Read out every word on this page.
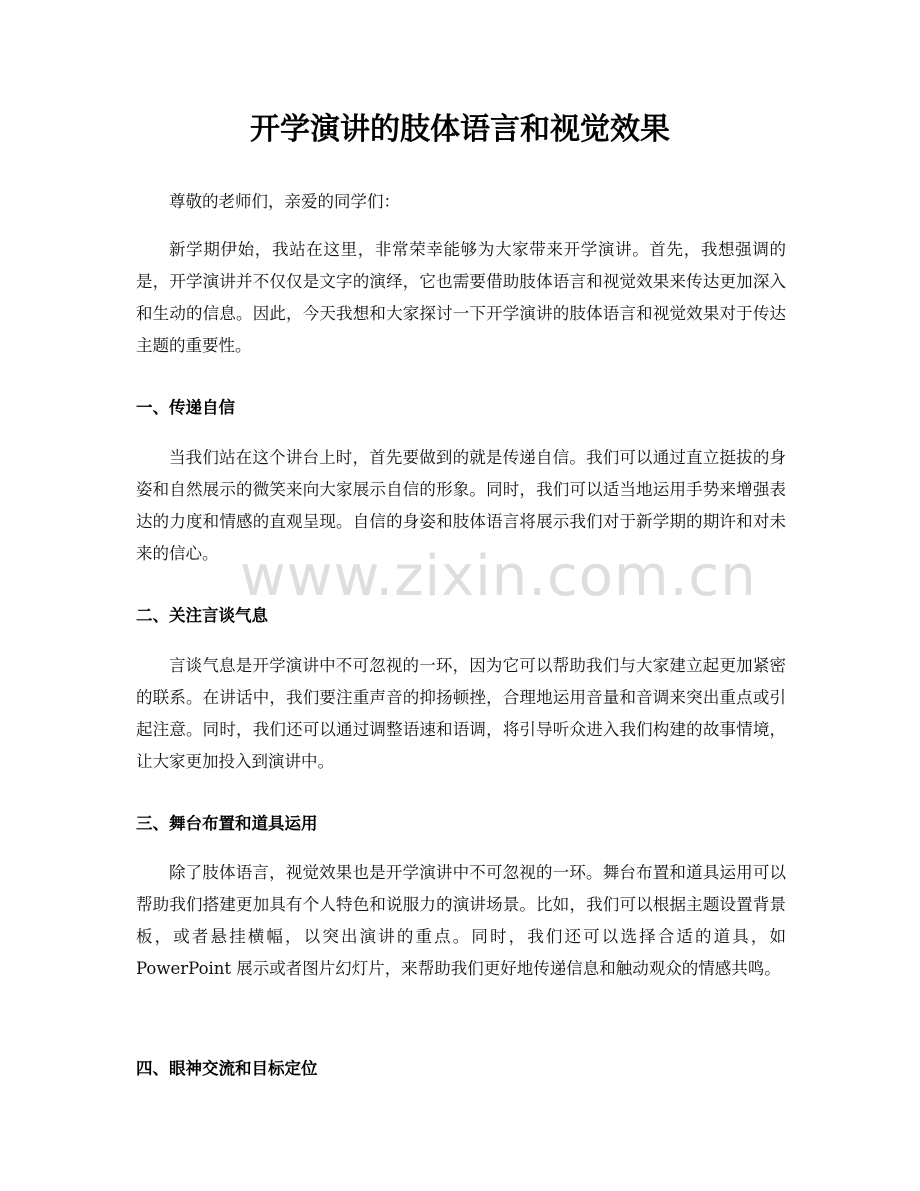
开学演讲的肢体语言和视觉效果

尊敬的老师们，亲爱的同学们：

新学期伊始，我站在这里，非常荣幸能够为大家带来开学演讲。首先，我想强调的是，开学演讲并不仅仅是文字的演绎，它也需要借助肢体语言和视觉效果来传达更加深入和生动的信息。因此，今天我想和大家探讨一下开学演讲的肢体语言和视觉效果对于传达主题的重要性。

一、传递自信

当我们站在这个讲台上时，首先要做到的就是传递自信。我们可以通过直立挺拔的身姿和自然展示的微笑来向大家展示自信的形象。同时，我们可以适当地运用手势来增强表达的力度和情感的直观呈现。自信的身姿和肢体语言将展示我们对于新学期的期许和对未来的信心。

二、关注言谈气息

言谈气息是开学演讲中不可忽视的一环，因为它可以帮助我们与大家建立起更加紧密的联系。在讲话中，我们要注重声音的抑扬顿挫，合理地运用音量和音调来突出重点或引起注意。同时，我们还可以通过调整语速和语调，将引导听众进入我们构建的故事情境，让大家更加投入到演讲中。

三、舞台布置和道具运用

除了肢体语言，视觉效果也是开学演讲中不可忽视的一环。舞台布置和道具运用可以帮助我们搭建更加具有个人特色和说服力的演讲场景。比如，我们可以根据主题设置背景板，或者悬挂横幅，以突出演讲的重点。同时，我们还可以选择合适的道具，如 PowerPoint 展示或者图片幻灯片，来帮助我们更好地传递信息和触动观众的情感共鸣。

四、眼神交流和目标定位
www.zixin.com.cn
